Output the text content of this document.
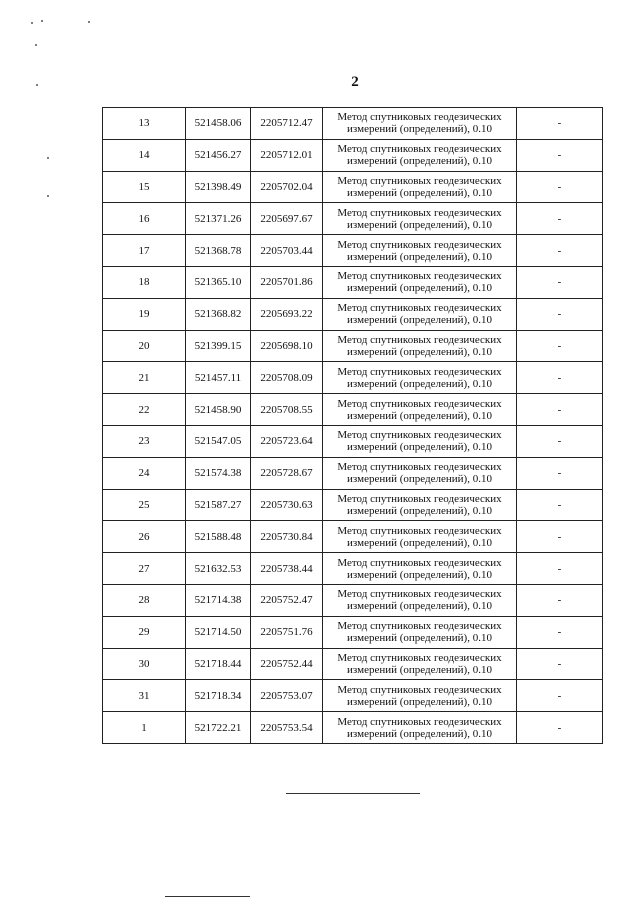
2
13	521458.06	2205712.47	Метод спутниковых геодезических
измерений (определений), 0.10	-
14	521456.27	2205712.01	Метод спутниковых геодезических
измерений (определений), 0.10	-
15	521398.49	2205702.04	Метод спутниковых геодезических
измерений (определений), 0.10	-
16	521371.26	2205697.67	Метод спутниковых геодезических
измерений (определений), 0.10	-
17	521368.78	2205703.44	Метод спутниковых геодезических
измерений (определений), 0.10	-
18	521365.10	2205701.86	Метод спутниковых геодезических
измерений (определений), 0.10	-
19	521368.82	2205693.22	Метод спутниковых геодезических
измерений (определений), 0.10	-
20	521399.15	2205698.10	Метод спутниковых геодезических
измерений (определений), 0.10	-
21	521457.11	2205708.09	Метод спутниковых геодезических
измерений (определений), 0.10	-
22	521458.90	2205708.55	Метод спутниковых геодезических
измерений (определений), 0.10	-
23	521547.05	2205723.64	Метод спутниковых геодезических
измерений (определений), 0.10	-
24	521574.38	2205728.67	Метод спутниковых геодезических
измерений (определений), 0.10	-
25	521587.27	2205730.63	Метод спутниковых геодезических
измерений (определений), 0.10	-
26	521588.48	2205730.84	Метод спутниковых геодезических
измерений (определений), 0.10	-
27	521632.53	2205738.44	Метод спутниковых геодезических
измерений (определений), 0.10	-
28	521714.38	2205752.47	Метод спутниковых геодезических
измерений (определений), 0.10	-
29	521714.50	2205751.76	Метод спутниковых геодезических
измерений (определений), 0.10	-
30	521718.44	2205752.44	Метод спутниковых геодезических
измерений (определений), 0.10	-
31	521718.34	2205753.07	Метод спутниковых геодезических
измерений (определений), 0.10	-
1	521722.21	2205753.54	Метод спутниковых геодезических
измерений (определений), 0.10	-
